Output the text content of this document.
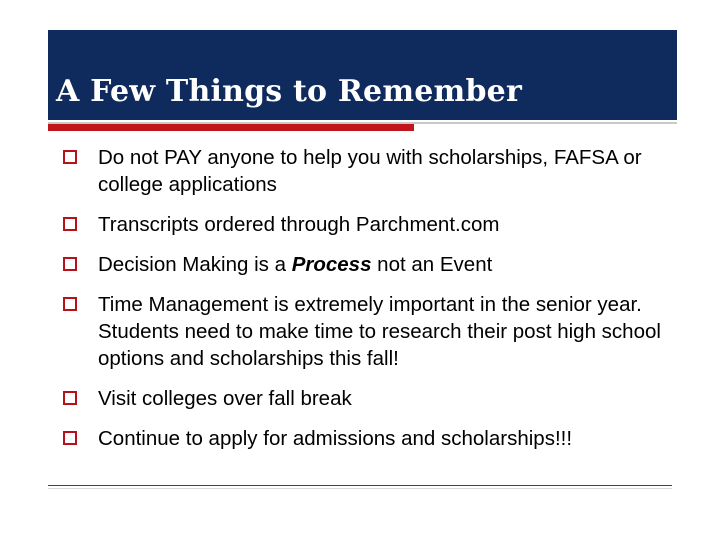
A Few Things to Remember
Do not PAY anyone to help you with scholarships, FAFSA or college applications
Transcripts ordered through Parchment.com
Decision Making is a Process not an Event
Time Management is extremely important in the senior year. Students need to make time to research their post high school options and scholarships this fall!
Visit colleges over fall break
Continue to apply for admissions and scholarships!!!
